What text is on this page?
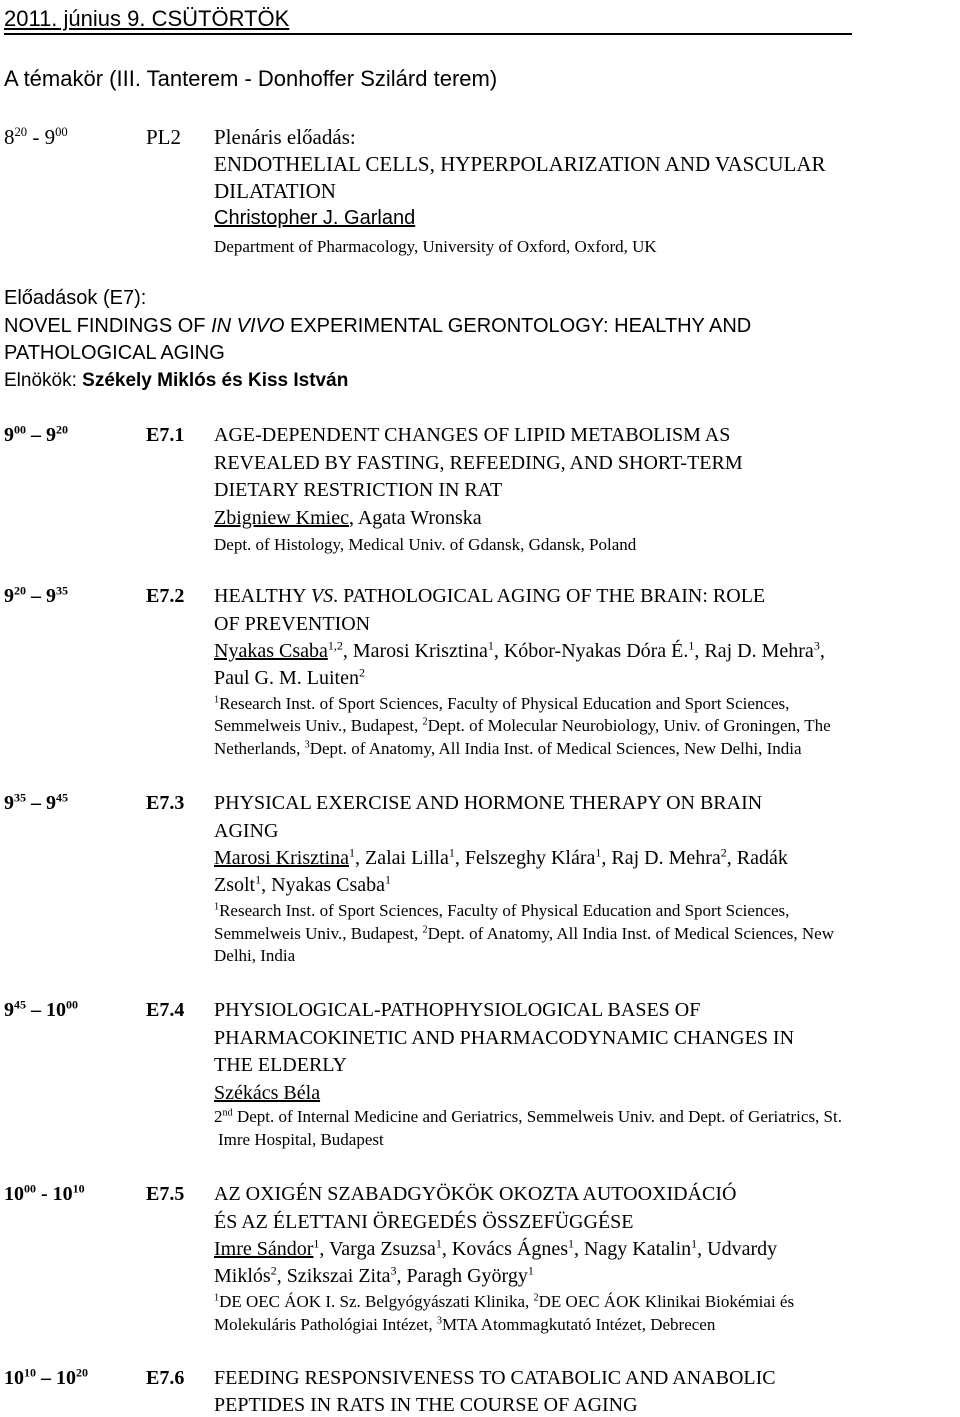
2011. június 9. CSÜTÖRTÖK
A témakör (III. Tanterem - Donhoffer Szilárd terem)
$8^{20} - 9^{00}$	PL2 Plenáris előadás:
ENDOTHELIAL CELLS, HYPERPOLARIZATION AND VASCULAR
DILATATION
Christopher J. Garland
Department of Pharmacology, University of Oxford, Oxford, UK
Előadások (E7):
NOVEL FINDINGS OF IN VIVO EXPERIMENTAL GERONTOLOGY: HEALTHY AND
PATHOLOGICAL AGING
Elnökök: Székely Miklós és Kiss István
$9^{00} - 9^{20}$	E7.1 AGE-DEPENDENT CHANGES OF LIPID METABOLISM AS
REVEALED BY FASTING, REFEEDING, AND SHORT-TERM
DIETARY RESTRICTION IN RAT
Zbigniew Kmiec, Agata Wronska
Dept. of Histology, Medical Univ. of Gdansk, Gdansk, Poland
$9^{20} - 9^{35}$	E7.2 HEALTHY VS. PATHOLOGICAL AGING OF THE BRAIN: ROLE
OF PREVENTION
Nyakas Csaba$^{1,2}$, Marosi Krisztina$^1$, Kóbor-Nyakas Dóra É.$^1$, Raj D. Mehra$^3$,
Paul G. M. Luiten$^2$
$^1$Research Inst. of Sport Sciences, Faculty of Physical Education and Sport Sciences,
Semmelweis Univ., Budapest, $^2$Dept. of Molecular Neurobiology, Univ. of Groningen, The
Netherlands, $^3$Dept. of Anatomy, All India Inst. of Medical Sciences, New Delhi, India
$9^{35} - 9^{45}$	E7.3 PHYSICAL EXERCISE AND HORMONE THERAPY ON BRAIN
AGING
Marosi Krisztina$^1$, Zalai Lilla$^1$, Felszeghy Klára$^1$, Raj D. Mehra$^2$, Radák
Zsolt$^1$, Nyakas Csaba$^1$
$^1$Research Inst. of Sport Sciences, Faculty of Physical Education and Sport Sciences,
Semmelweis Univ., Budapest, $^2$Dept. of Anatomy, All India Inst. of Medical Sciences, New
Delhi, India
$9^{45} - 10^{00}$	E7.4 PHYSIOLOGICAL-PATHOPHYSIOLOGICAL BASES OF
PHARMACOKINETIC AND PHARMACODYNAMIC CHANGES IN
THE ELDERLY
Székács Béla
2nd Dept. of Internal Medicine and Geriatrics, Semmelweis Univ. and Dept. of Geriatrics, St.
Imre Hospital, Budapest
$10^{00} - 10^{10}$	E7.5 AZ OXIGÉN SZABADGYÖKÖK OKOZTA AUTOOXIDÁCIÓ
ÉS AZ ÉLETTANI ÖREGEDÉS ÖSSZEFÜGGÉSE
Imre Sándor$^1$, Varga Zsuzsa$^1$, Kovács Ágnes$^1$, Nagy Katalin$^1$, Udvardy
Miklós$^2$, Szikszai Zita$^3$, Paragh György$^1$
$^1$DE OEC ÁOK I. Sz. Belgyógyászati Klinika, $^2$DE OEC ÁOK Klinikai Biokémiai és
Molekuláris Pathológiai Intézet, $^3$MTA Atommagkutató Intézet, Debrecen
$10^{10} - 10^{20}$	E7.6 FEEDING RESPONSIVENESS TO CATABOLIC AND ANABOLIC
PEPTIDES IN RATS IN THE COURSE OF AGING
